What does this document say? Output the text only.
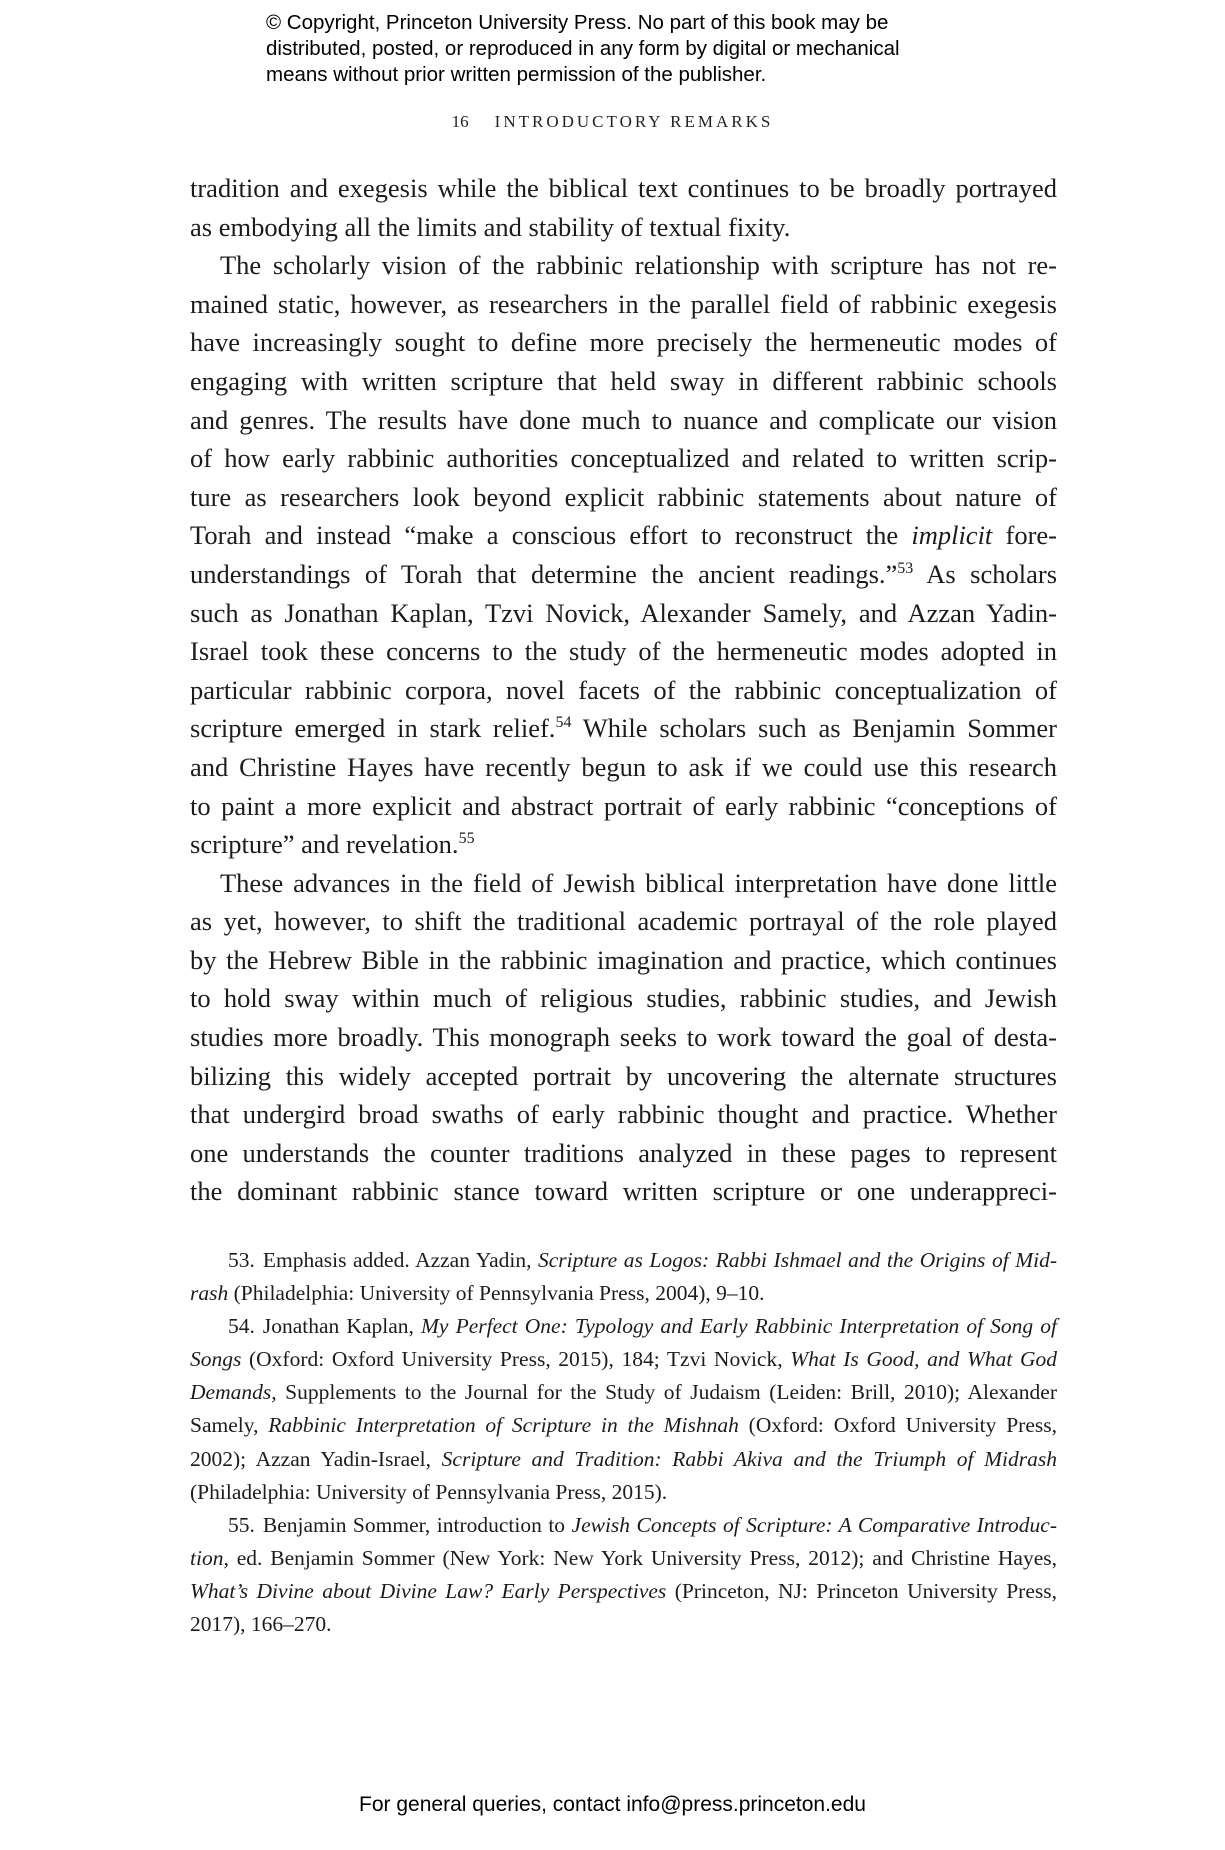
© Copyright, Princeton University Press. No part of this book may be
distributed, posted, or reproduced in any form by digital or mechanical
means without prior written permission of the publisher.
16 INTRODUCTORY REMARKS
tradition and exegesis while the biblical text continues to be broadly portrayed
as embodying all the limits and stability of textual fixity.
The scholarly vision of the rabbinic relationship with scripture has not re-
mained static, however, as researchers in the parallel field of rabbinic exegesis
have increasingly sought to define more precisely the hermeneutic modes of
engaging with written scripture that held sway in different rabbinic schools
and genres. The results have done much to nuance and complicate our vision
of how early rabbinic authorities conceptualized and related to written scrip-
ture as researchers look beyond explicit rabbinic statements about nature of
Torah and instead “make a conscious effort to reconstruct the implicit fore-
understandings of Torah that determine the ancient readings.”$^{53}$ As scholars
such as Jonathan Kaplan, Tzvi Novick, Alexander Samely, and Azzan Yadin-
Israel took these concerns to the study of the hermeneutic modes adopted in
particular rabbinic corpora, novel facets of the rabbinic conceptualization of
scripture emerged in stark relief.$^{54}$ While scholars such as Benjamin Sommer
and Christine Hayes have recently begun to ask if we could use this research
to paint a more explicit and abstract portrait of early rabbinic “conceptions of
scripture” and revelation.$^{55}$
These advances in the field of Jewish biblical interpretation have done little
as yet, however, to shift the traditional academic portrayal of the role played
by the Hebrew Bible in the rabbinic imagination and practice, which continues
to hold sway within much of religious studies, rabbinic studies, and Jewish
studies more broadly. This monograph seeks to work toward the goal of desta-
bilizing this widely accepted portrait by uncovering the alternate structures
that undergird broad swaths of early rabbinic thought and practice. Whether
one understands the counter traditions analyzed in these pages to represent
the dominant rabbinic stance toward written scripture or one underappreci-
53. Emphasis added. Azzan Yadin, Scripture as Logos: Rabbi Ishmael and the Origins of Mid-
rash (Philadelphia: University of Pennsylvania Press, 2004), 9–10.
54. Jonathan Kaplan, My Perfect One: Typology and Early Rabbinic Interpretation of Song of
Songs (Oxford: Oxford University Press, 2015), 184; Tzvi Novick, What Is Good, and What God
Demands, Supplements to the Journal for the Study of Judaism (Leiden: Brill, 2010); Alexander
Samely, Rabbinic Interpretation of Scripture in the Mishnah (Oxford: Oxford University Press,
2002); Azzan Yadin-Israel, Scripture and Tradition: Rabbi Akiva and the Triumph of Midrash
(Philadelphia: University of Pennsylvania Press, 2015).
55. Benjamin Sommer, introduction to Jewish Concepts of Scripture: A Comparative Introduc-
tion, ed. Benjamin Sommer (New York: New York University Press, 2012); and Christine Hayes,
What’s Divine about Divine Law? Early Perspectives (Princeton, NJ: Princeton University Press,
2017), 166–270.
For general queries, contact info@press.princeton.edu
